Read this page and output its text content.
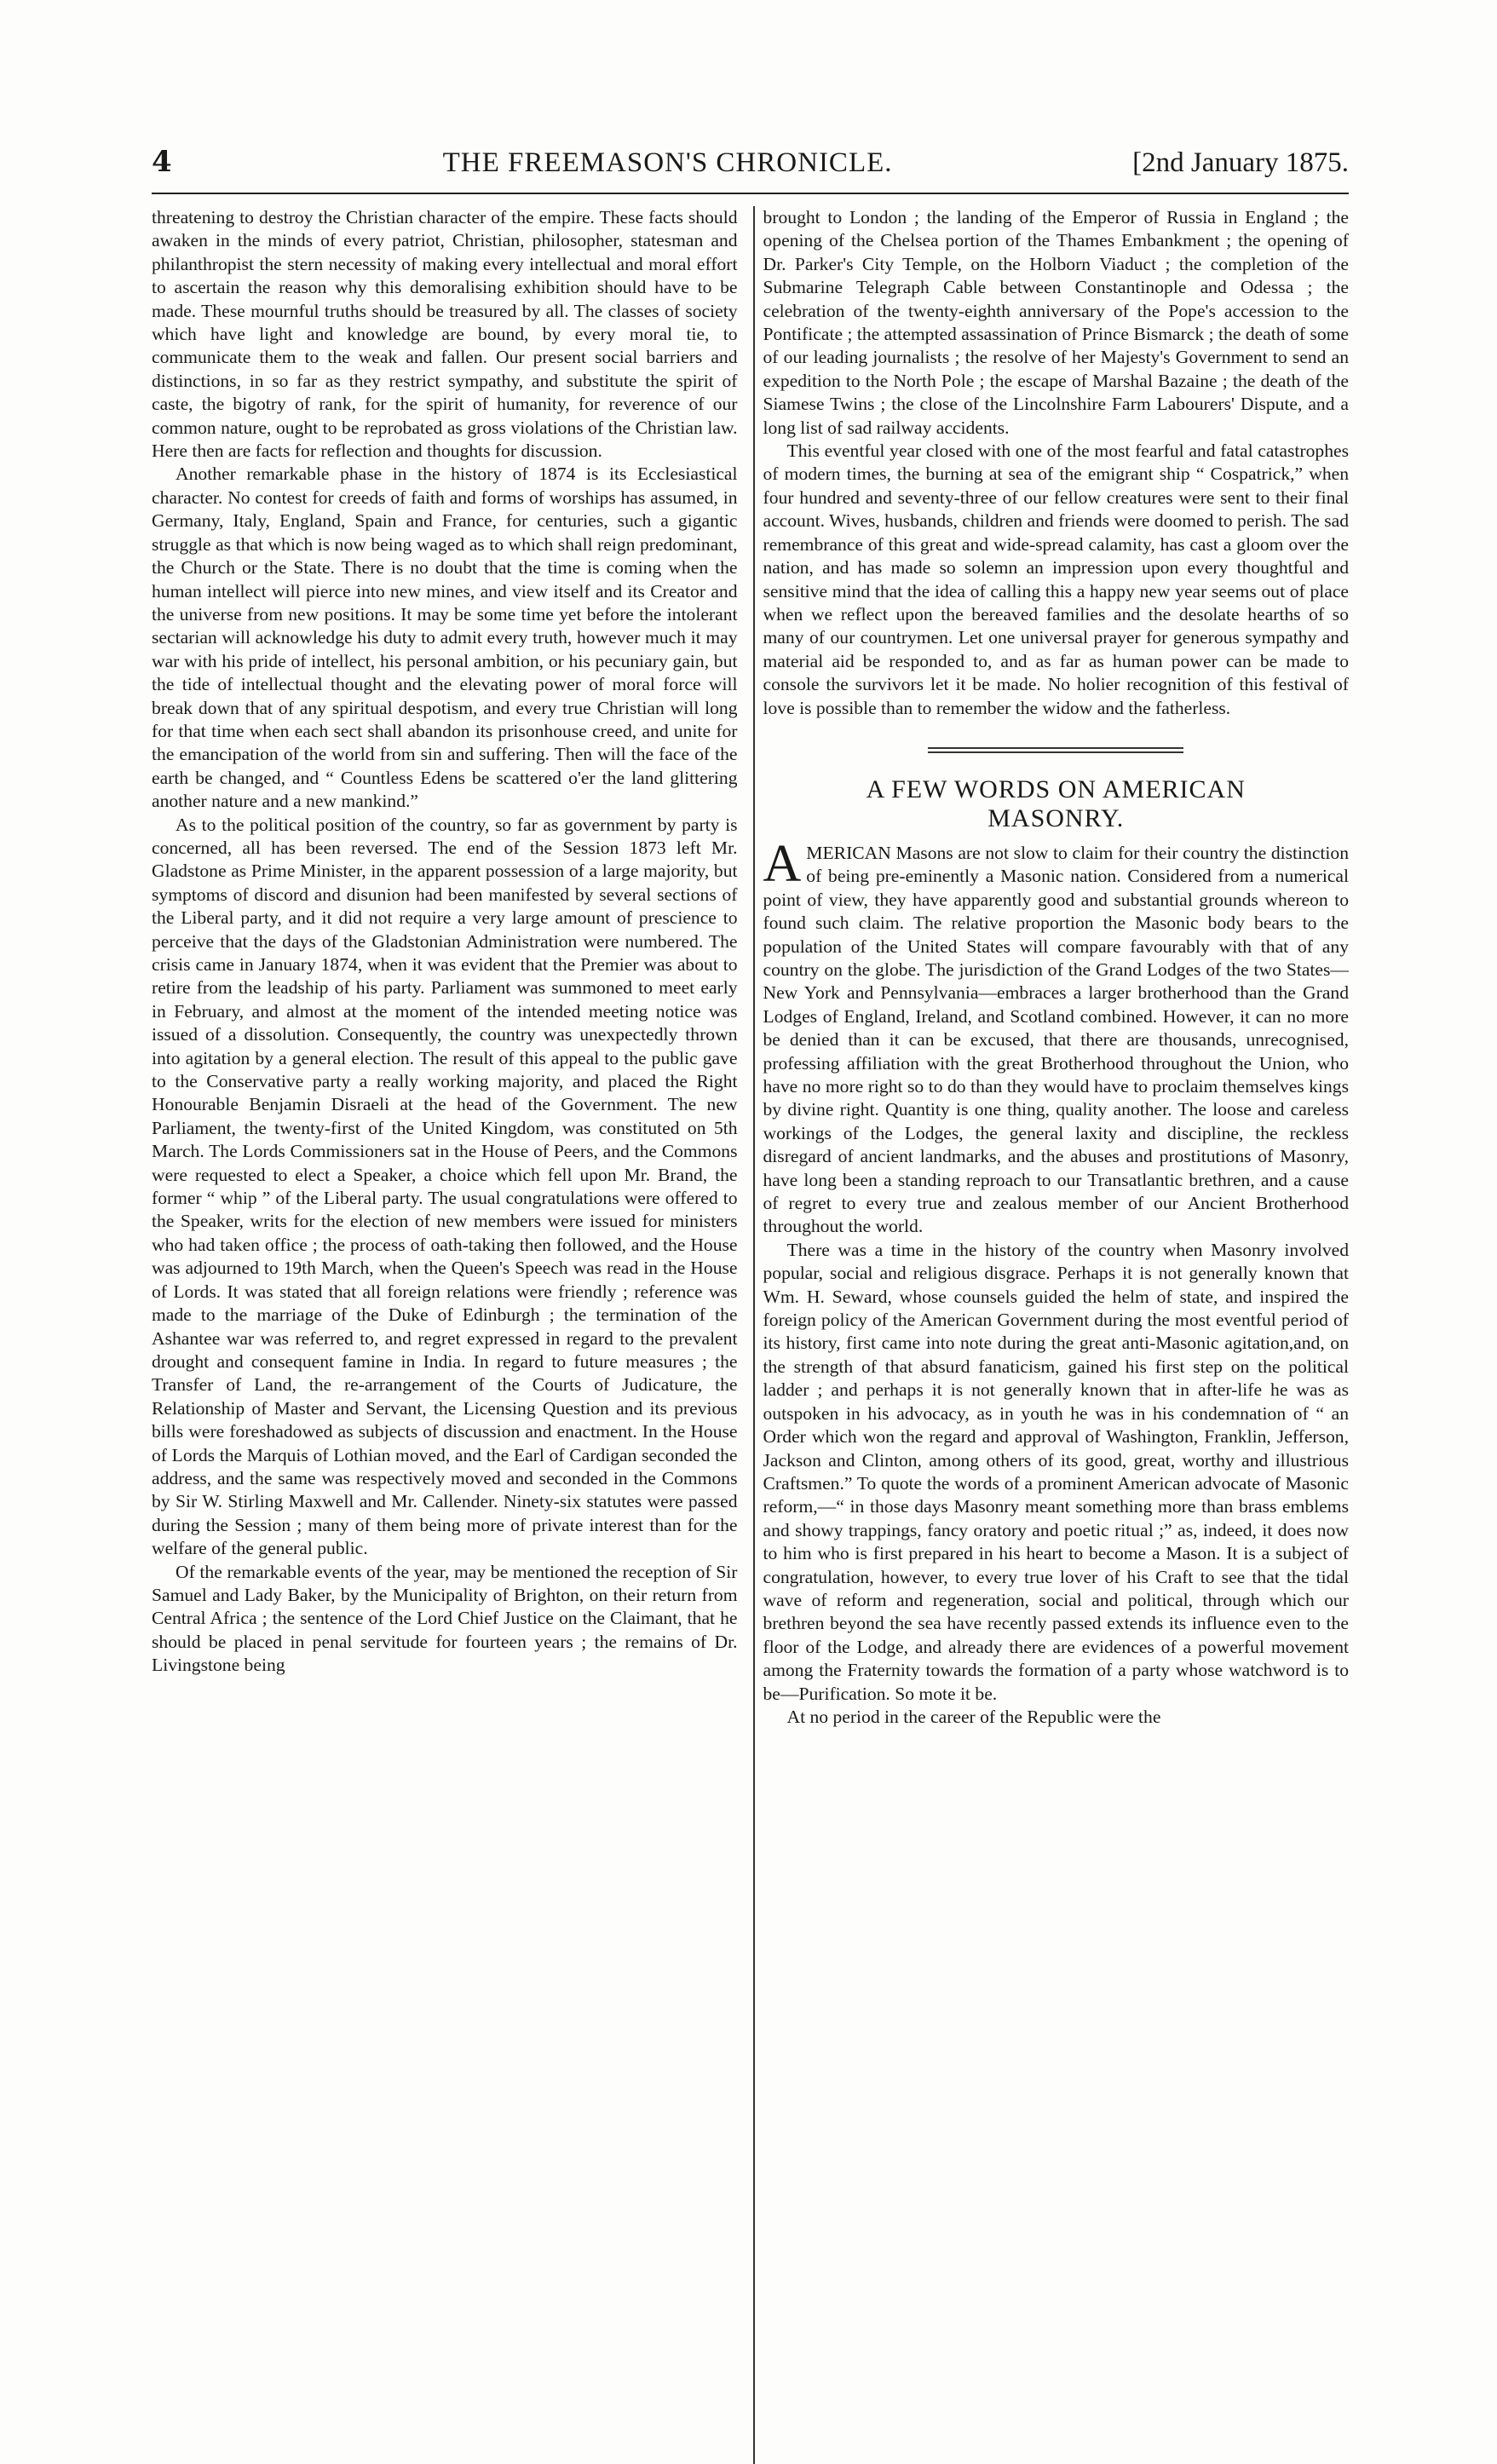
4	THE FREEMASON'S CHRONICLE.	[2nd January 1875.

threatening to destroy the Christian character of the empire. These facts should awaken in the minds of every patriot, Christian, philosopher, statesman and philanthropist the stern necessity of making every intellectual and moral effort to ascertain the reason why this demoralising exhibition should have to be made. These mournful truths should be treasured by all. The classes of society which have light and knowledge are bound, by every moral tie, to communicate them to the weak and fallen. Our present social barriers and distinctions, in so far as they restrict sympathy, and substitute the spirit of caste, the bigotry of rank, for the spirit of humanity, for reverence of our common nature, ought to be reprobated as gross violations of the Christian law. Here then are facts for reflection and thoughts for discussion.

Another remarkable phase in the history of 1874 is its Ecclesiastical character. No contest for creeds of faith and forms of worships has assumed, in Germany, Italy, England, Spain and France, for centuries, such a gigantic struggle as that which is now being waged as to which shall reign predominant, the Church or the State. There is no doubt that the time is coming when the human intellect will pierce into new mines, and view itself and its Creator and the universe from new positions. It may be some time yet before the intolerant sectarian will acknowledge his duty to admit every truth, however much it may war with his pride of intellect, his personal ambition, or his pecuniary gain, but the tide of intellectual thought and the elevating power of moral force will break down that of any spiritual despotism, and every true Christian will long for that time when each sect shall abandon its prisonhouse creed, and unite for the emancipation of the world from sin and suffering. Then will the face of the earth be changed, and “ Countless Edens be scattered o'er the land glittering another nature and a new mankind.”

As to the political position of the country, so far as government by party is concerned, all has been reversed. The end of the Session 1873 left Mr. Gladstone as Prime Minister, in the apparent possession of a large majority, but symptoms of discord and disunion had been manifested by several sections of the Liberal party, and it did not require a very large amount of prescience to perceive that the days of the Gladstonian Administration were numbered. The crisis came in January 1874, when it was evident that the Premier was about to retire from the leadship of his party. Parliament was summoned to meet early in February, and almost at the moment of the intended meeting notice was issued of a dissolution. Consequently, the country was unexpectedly thrown into agitation by a general election. The result of this appeal to the public gave to the Conservative party a really working majority, and placed the Right Honourable Benjamin Disraeli at the head of the Government. The new Parliament, the twenty-first of the United Kingdom, was constituted on 5th March. The Lords Commissioners sat in the House of Peers, and the Commons were requested to elect a Speaker, a choice which fell upon Mr. Brand, the former “ whip ” of the Liberal party. The usual congratulations were offered to the Speaker, writs for the election of new members were issued for ministers who had taken office ; the process of oath-taking then followed, and the House was adjourned to 19th March, when the Queen's Speech was read in the House of Lords. It was stated that all foreign relations were friendly ; reference was made to the marriage of the Duke of Edinburgh ; the termination of the Ashantee war was referred to, and regret expressed in regard to the prevalent drought and consequent famine in India. In regard to future measures ; the Transfer of Land, the re-arrangement of the Courts of Judicature, the Relationship of Master and Servant, the Licensing Question and its previous bills were foreshadowed as subjects of discussion and enactment. In the House of Lords the Marquis of Lothian moved, and the Earl of Cardigan seconded the address, and the same was respectively moved and seconded in the Commons by Sir W. Stirling Maxwell and Mr. Callender. Ninety-six statutes were passed during the Session ; many of them being more of private interest than for the welfare of the general public.

Of the remarkable events of the year, may be mentioned the reception of Sir Samuel and Lady Baker, by the Municipality of Brighton, on their return from Central Africa ; the sentence of the Lord Chief Justice on the Claimant, that he should be placed in penal servitude for fourteen years ; the remains of Dr. Livingstone being

brought to London ; the landing of the Emperor of Russia in England ; the opening of the Chelsea portion of the Thames Embankment ; the opening of Dr. Parker's City Temple, on the Holborn Viaduct ; the completion of the Submarine Telegraph Cable between Constantinople and Odessa ; the celebration of the twenty-eighth anniversary of the Pope's accession to the Pontificate ; the attempted assassination of Prince Bismarck ; the death of some of our leading journalists ; the resolve of her Majesty's Government to send an expedition to the North Pole ; the escape of Marshal Bazaine ; the death of the Siamese Twins ; the close of the Lincolnshire Farm Labourers' Dispute, and a long list of sad railway accidents.

This eventful year closed with one of the most fearful and fatal catastrophes of modern times, the burning at sea of the emigrant ship “ Cospatrick,” when four hundred and seventy-three of our fellow creatures were sent to their final account. Wives, husbands, children and friends were doomed to perish. The sad remembrance of this great and wide-spread calamity, has cast a gloom over the nation, and has made so solemn an impression upon every thoughtful and sensitive mind that the idea of calling this a happy new year seems out of place when we reflect upon the bereaved families and the desolate hearths of so many of our countrymen. Let one universal prayer for generous sympathy and material aid be responded to, and as far as human power can be made to console the survivors let it be made. No holier recognition of this festival of love is possible than to remember the widow and the fatherless.

A FEW WORDS ON AMERICAN
MASONRY.

AMERICAN Masons are not slow to claim for their country the distinction of being pre-eminently a Masonic nation. Considered from a numerical point of view, they have apparently good and substantial grounds whereon to found such claim. The relative proportion the Masonic body bears to the population of the United States will compare favourably with that of any country on the globe. The jurisdiction of the Grand Lodges of the two States—New York and Pennsylvania—embraces a larger brotherhood than the Grand Lodges of England, Ireland, and Scotland combined. However, it can no more be denied than it can be excused, that there are thousands, unrecognised, professing affiliation with the great Brotherhood throughout the Union, who have no more right so to do than they would have to proclaim themselves kings by divine right. Quantity is one thing, quality another. The loose and careless workings of the Lodges, the general laxity and discipline, the reckless disregard of ancient landmarks, and the abuses and prostitutions of Masonry, have long been a standing reproach to our Transatlantic brethren, and a cause of regret to every true and zealous member of our Ancient Brotherhood throughout the world.

There was a time in the history of the country when Masonry involved popular, social and religious disgrace. Perhaps it is not generally known that Wm. H. Seward, whose counsels guided the helm of state, and inspired the foreign policy of the American Government during the most eventful period of its history, first came into note during the great anti-Masonic agitation,and, on the strength of that absurd fanaticism, gained his first step on the political ladder ; and perhaps it is not generally known that in after-life he was as outspoken in his advocacy, as in youth he was in his condemnation of “ an Order which won the regard and approval of Washington, Franklin, Jefferson, Jackson and Clinton, among others of its good, great, worthy and illustrious Craftsmen.” To quote the words of a prominent American advocate of Masonic reform,—“ in those days Masonry meant something more than brass emblems and showy trappings, fancy oratory and poetic ritual ;” as, indeed, it does now to him who is first prepared in his heart to become a Mason. It is a subject of congratulation, however, to every true lover of his Craft to see that the tidal wave of reform and regeneration, social and political, through which our brethren beyond the sea have recently passed extends its influence even to the floor of the Lodge, and already there are evidences of a powerful movement among the Fraternity towards the formation of a party whose watchword is to be—Purification. So mote it be.

At no period in the career of the Republic were the
